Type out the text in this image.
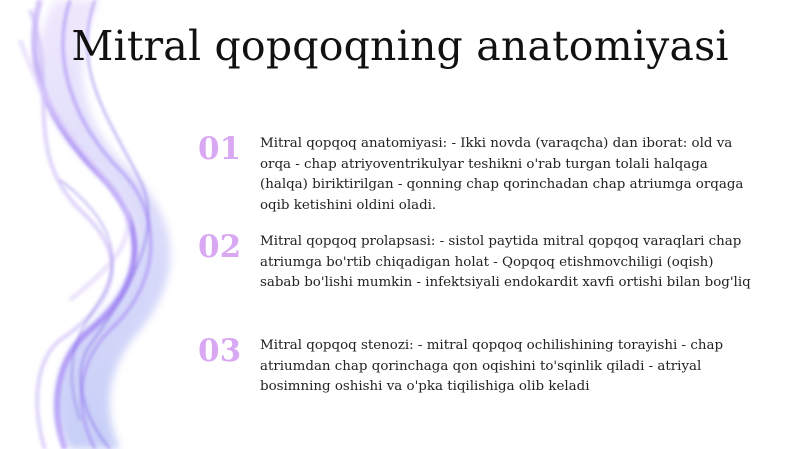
Mitral qopqoqning anatomiyasi
01 Mitral qopqoq anatomiyasi: - Ikki novda (varaqcha) dan iborat: old va orqa - chap atriyoventrikulyar teshikni o'rab turgan tolali halqaga (halqa) biriktirilgan - qonning chap qorinchadan chap atriumga orqaga oqib ketishini oldini oladi.
02 Mitral qopqoq prolapsasi: - sistol paytida mitral qopqoq varaqlari chap atriumga bo'rtib chiqadigan holat - Qopqoq etishmovchiligi (oqish) sabab bo'lishi mumkin - infektsiyali endokardit xavfi ortishi bilan bog'liq
03 Mitral qopqoq stenozi: - mitral qopqoq ochilishining torayishi - chap atriumdan chap qorinchaga qon oqishini to'sqinlik qiladi - atriyal bosimning oshishi va o'pka tiqilishiga olib keladi
